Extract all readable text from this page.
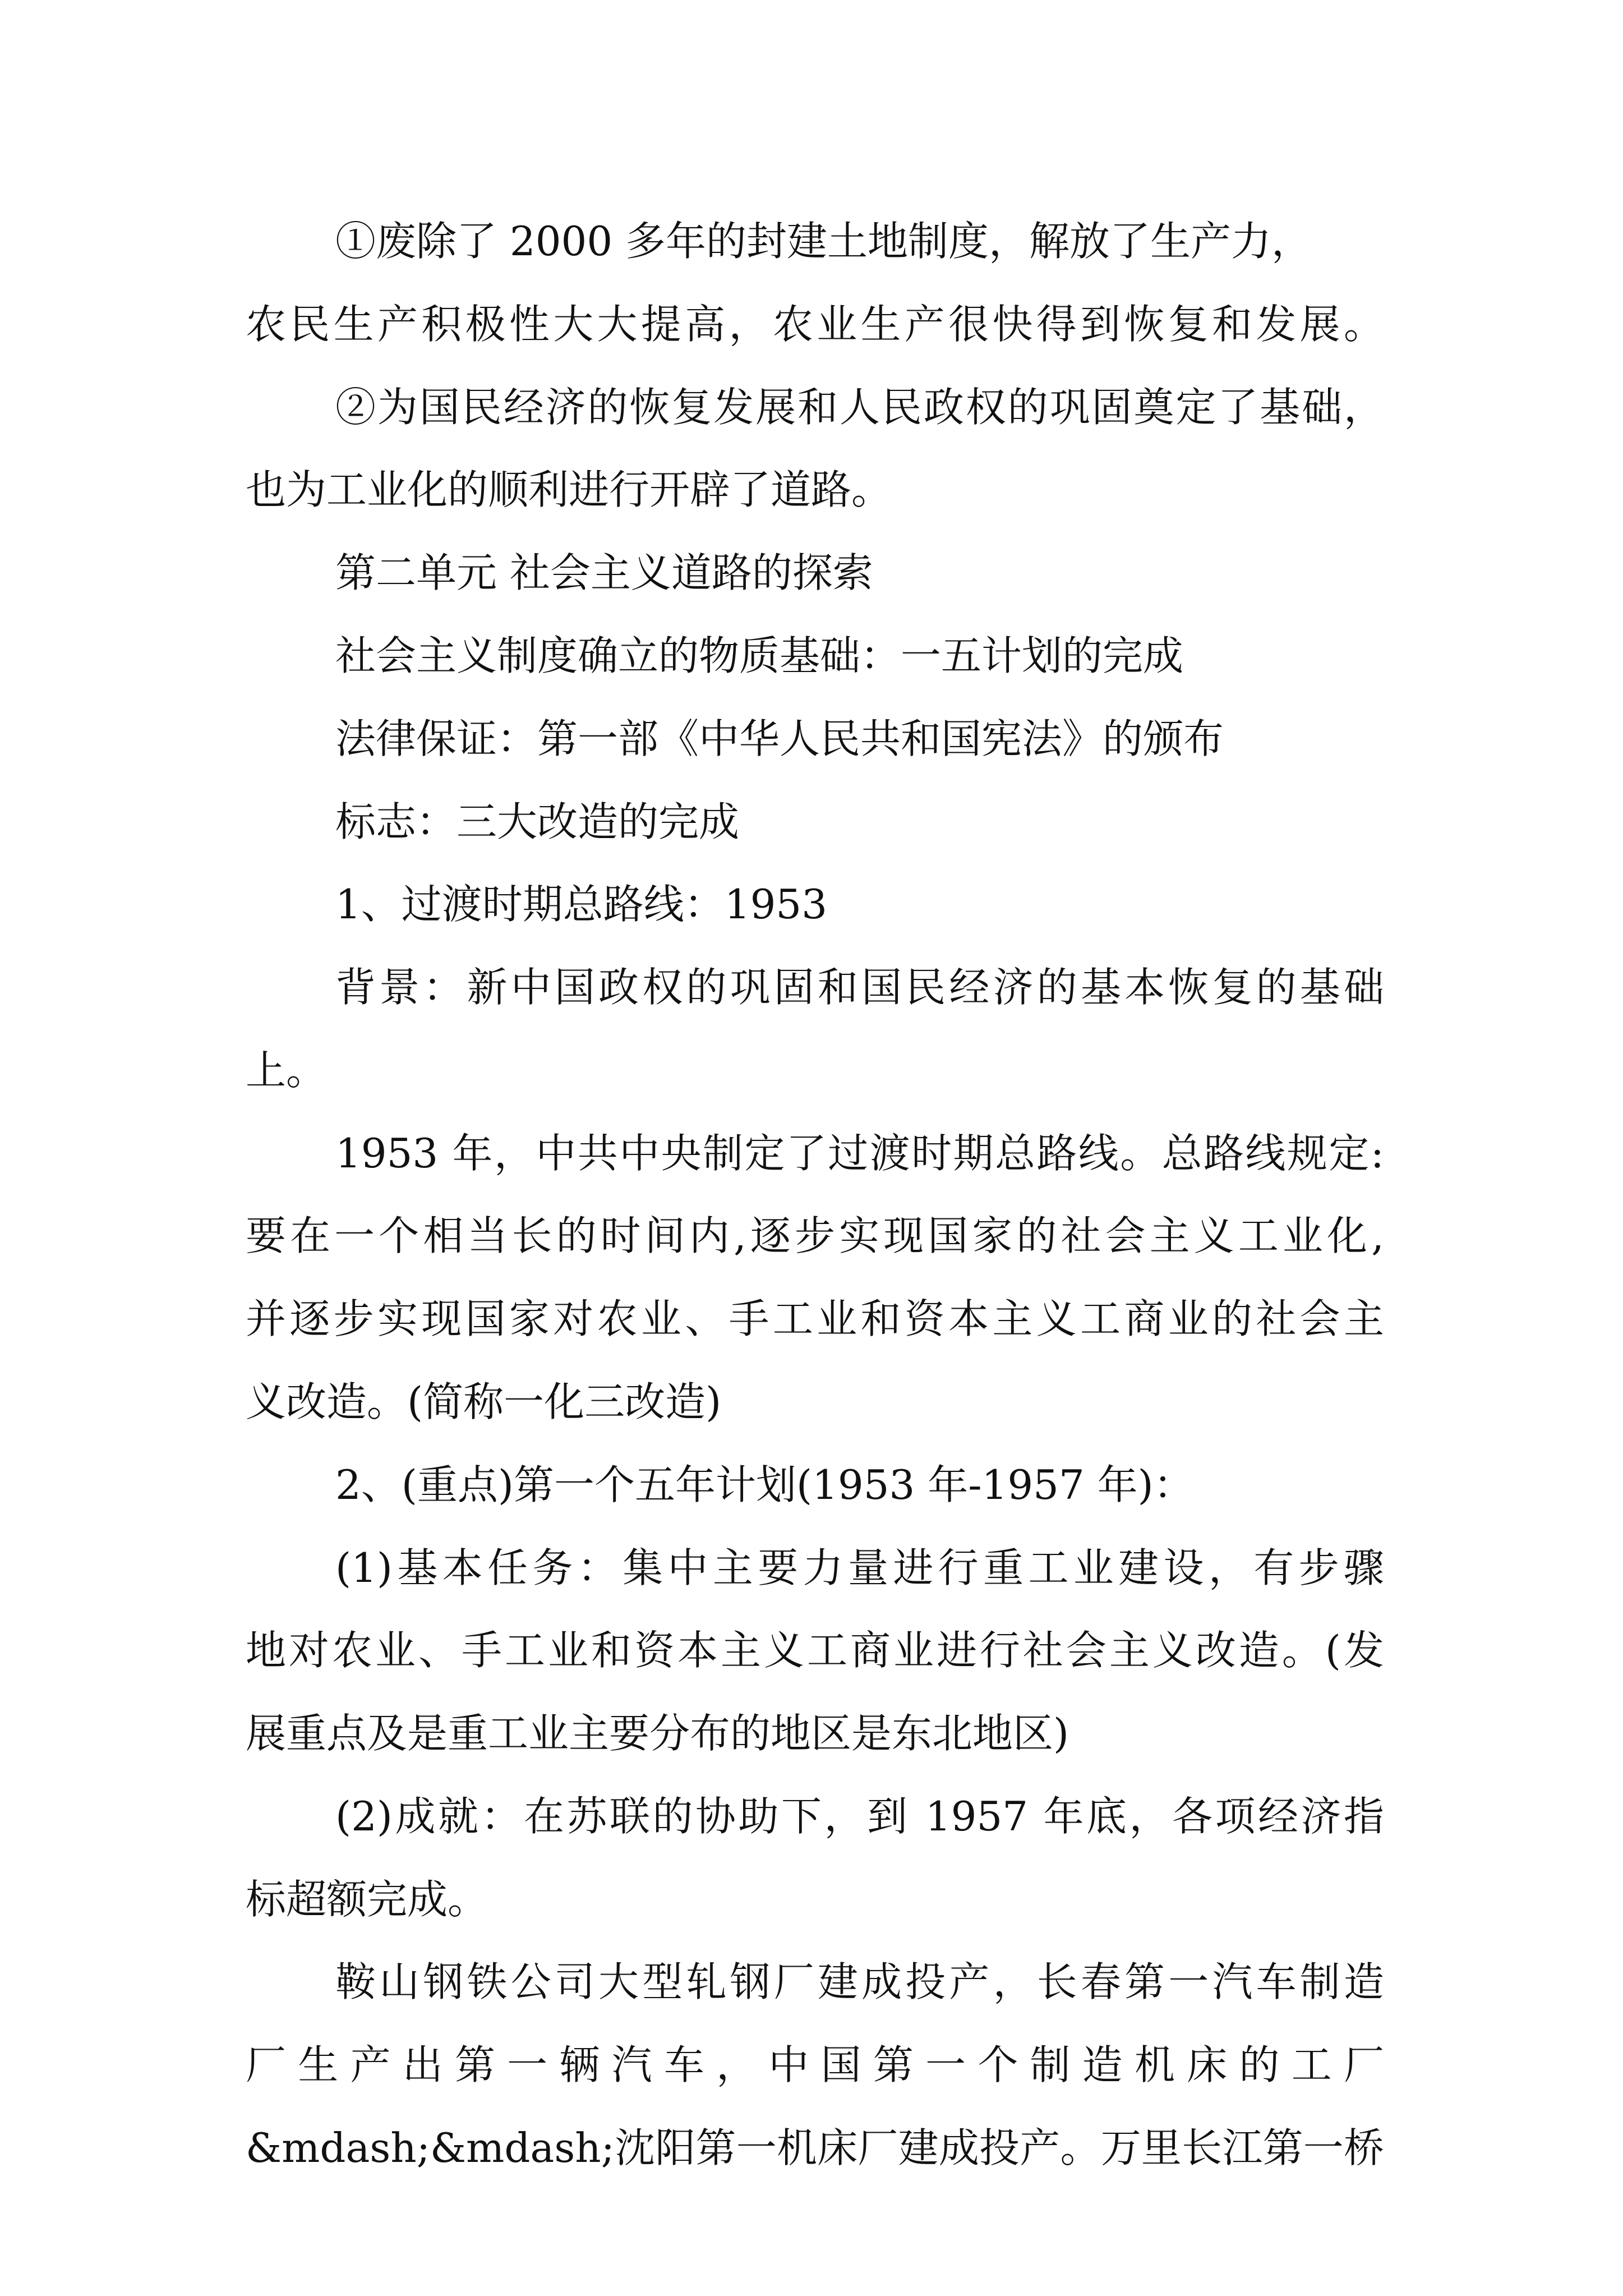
①废除了 2000 多年的封建土地制度，解放了生产力，
农民生产积极性大大提高，农业生产很快得到恢复和发展。
②为国民经济的恢复发展和人民政权的巩固奠定了基础，
也为工业化的顺利进行开辟了道路。
第二单元 社会主义道路的探索
社会主义制度确立的物质基础：一五计划的完成
法律保证：第一部《中华人民共和国宪法》的颁布
标志：三大改造的完成
1、过渡时期总路线：1953
背景：新中国政权的巩固和国民经济的基本恢复的基础
上。
1953 年，中共中央制定了过渡时期总路线。总路线规定:
要在一个相当长的时间内,逐步实现国家的社会主义工业化,
并逐步实现国家对农业、手工业和资本主义工商业的社会主
义改造。(简称一化三改造)
2、(重点)第一个五年计划(1953 年-1957 年)：
(1)基本任务：集中主要力量进行重工业建设，有步骤
地对农业、手工业和资本主义工商业进行社会主义改造。(发
展重点及是重工业主要分布的地区是东北地区)
(2)成就：在苏联的协助下，到 1957 年底，各项经济指
标超额完成。
鞍山钢铁公司大型轧钢厂建成投产，长春第一汽车制造
厂生产出第一辆汽车，中国第一个制造机床的工厂
&mdash;&mdash;沈阳第一机床厂建成投产。万里长江第一桥
